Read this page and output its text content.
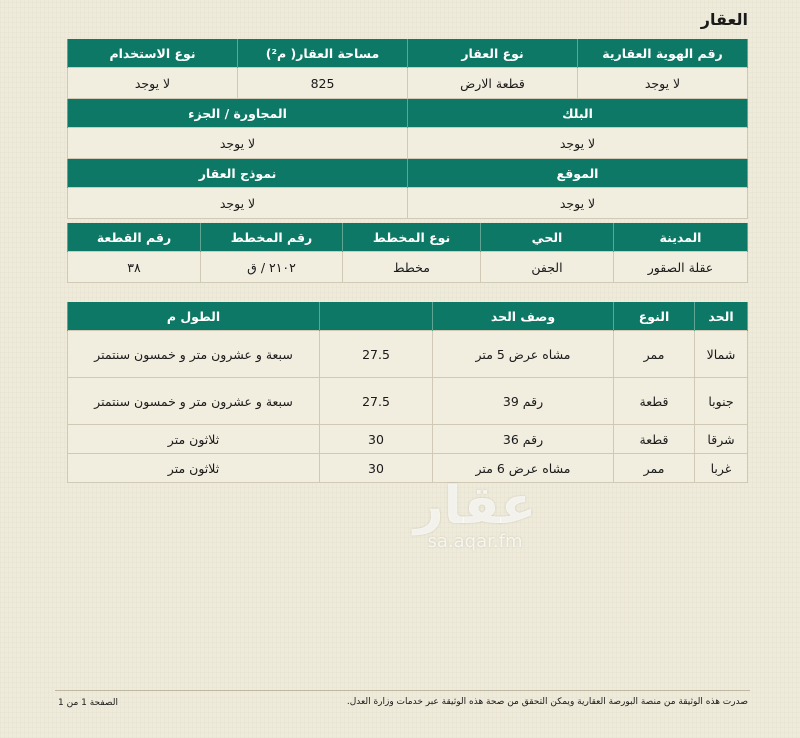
العقار
رقم الهوية العقارية	نوع العقار	مساحة العقار( م²)	نوع الاستخدام
لا يوجد	قطعة الارض	825	لا يوجد
البلك		المجاورة / الجزء	
لا يوجد		لا يوجد	
الموقع		نموذج العقار	
لا يوجد		لا يوجد	
المدينة	الحي	نوع المخطط	رقم المخطط	رقم القطعة
عقلة الصقور	الجفن	مخطط	٢١٠٢ / ق	٣٨
الحد	النوع	وصف الحد		الطول م
شمالا	ممر	مشاه عرض 5 متر	27.5	سبعة و عشرون متر و خمسون سنتمتر
جنوبا	قطعة	رقم 39	27.5	سبعة و عشرون متر و خمسون سنتمتر
شرقا	قطعة	رقم 36	30	ثلاثون متر
غربا	ممر	مشاه عرض 6 متر	30	ثلاثون متر
عقار
sa.aqar.fm
الصفحة 1 من 1	صدرت هذه الوثيقة من منصة البورصة العقارية ويمكن التحقق من صحة هذه الوثيقة عبر خدمات وزارة العدل.
